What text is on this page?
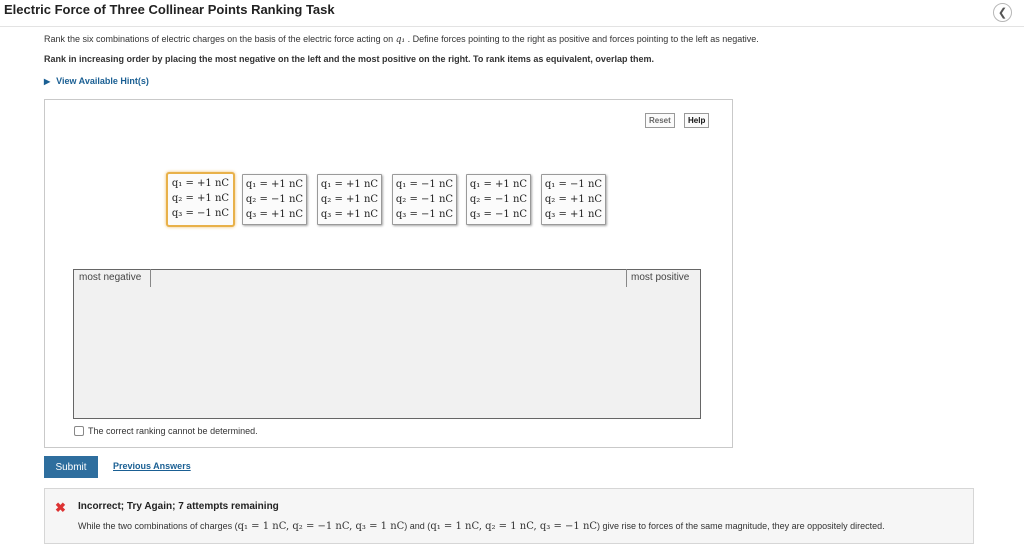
Electric Force of Three Collinear Points Ranking Task	❮
Rank the six combinations of electric charges on the basis of the electric force acting on q₁ . Define forces pointing to the right as positive and forces pointing to the left as negative.
Rank in increasing order by placing the most negative on the left and the most positive on the right. To rank items as equivalent, overlap them.
▶ View Available Hint(s)
Reset	Help
q₁ = +1 nC
q₂ = +1 nC
q₃ = −1 nC
q₁ = +1 nC
q₂ = −1 nC
q₃ = +1 nC
q₁ = +1 nC
q₂ = +1 nC
q₃ = +1 nC
q₁ = −1 nC
q₂ = −1 nC
q₃ = −1 nC
q₁ = +1 nC
q₂ = −1 nC
q₃ = −1 nC
q₁ = −1 nC
q₂ = +1 nC
q₃ = +1 nC
most negative	most positive
The correct ranking cannot be determined.
Submit	Previous Answers
✖ Incorrect; Try Again; 7 attempts remaining
While the two combinations of charges (q₁ = 1 nC, q₂ = −1 nC, q₃ = 1 nC) and (q₁ = 1 nC, q₂ = 1 nC, q₃ = −1 nC) give rise to forces of the same magnitude, they are oppositely directed.
